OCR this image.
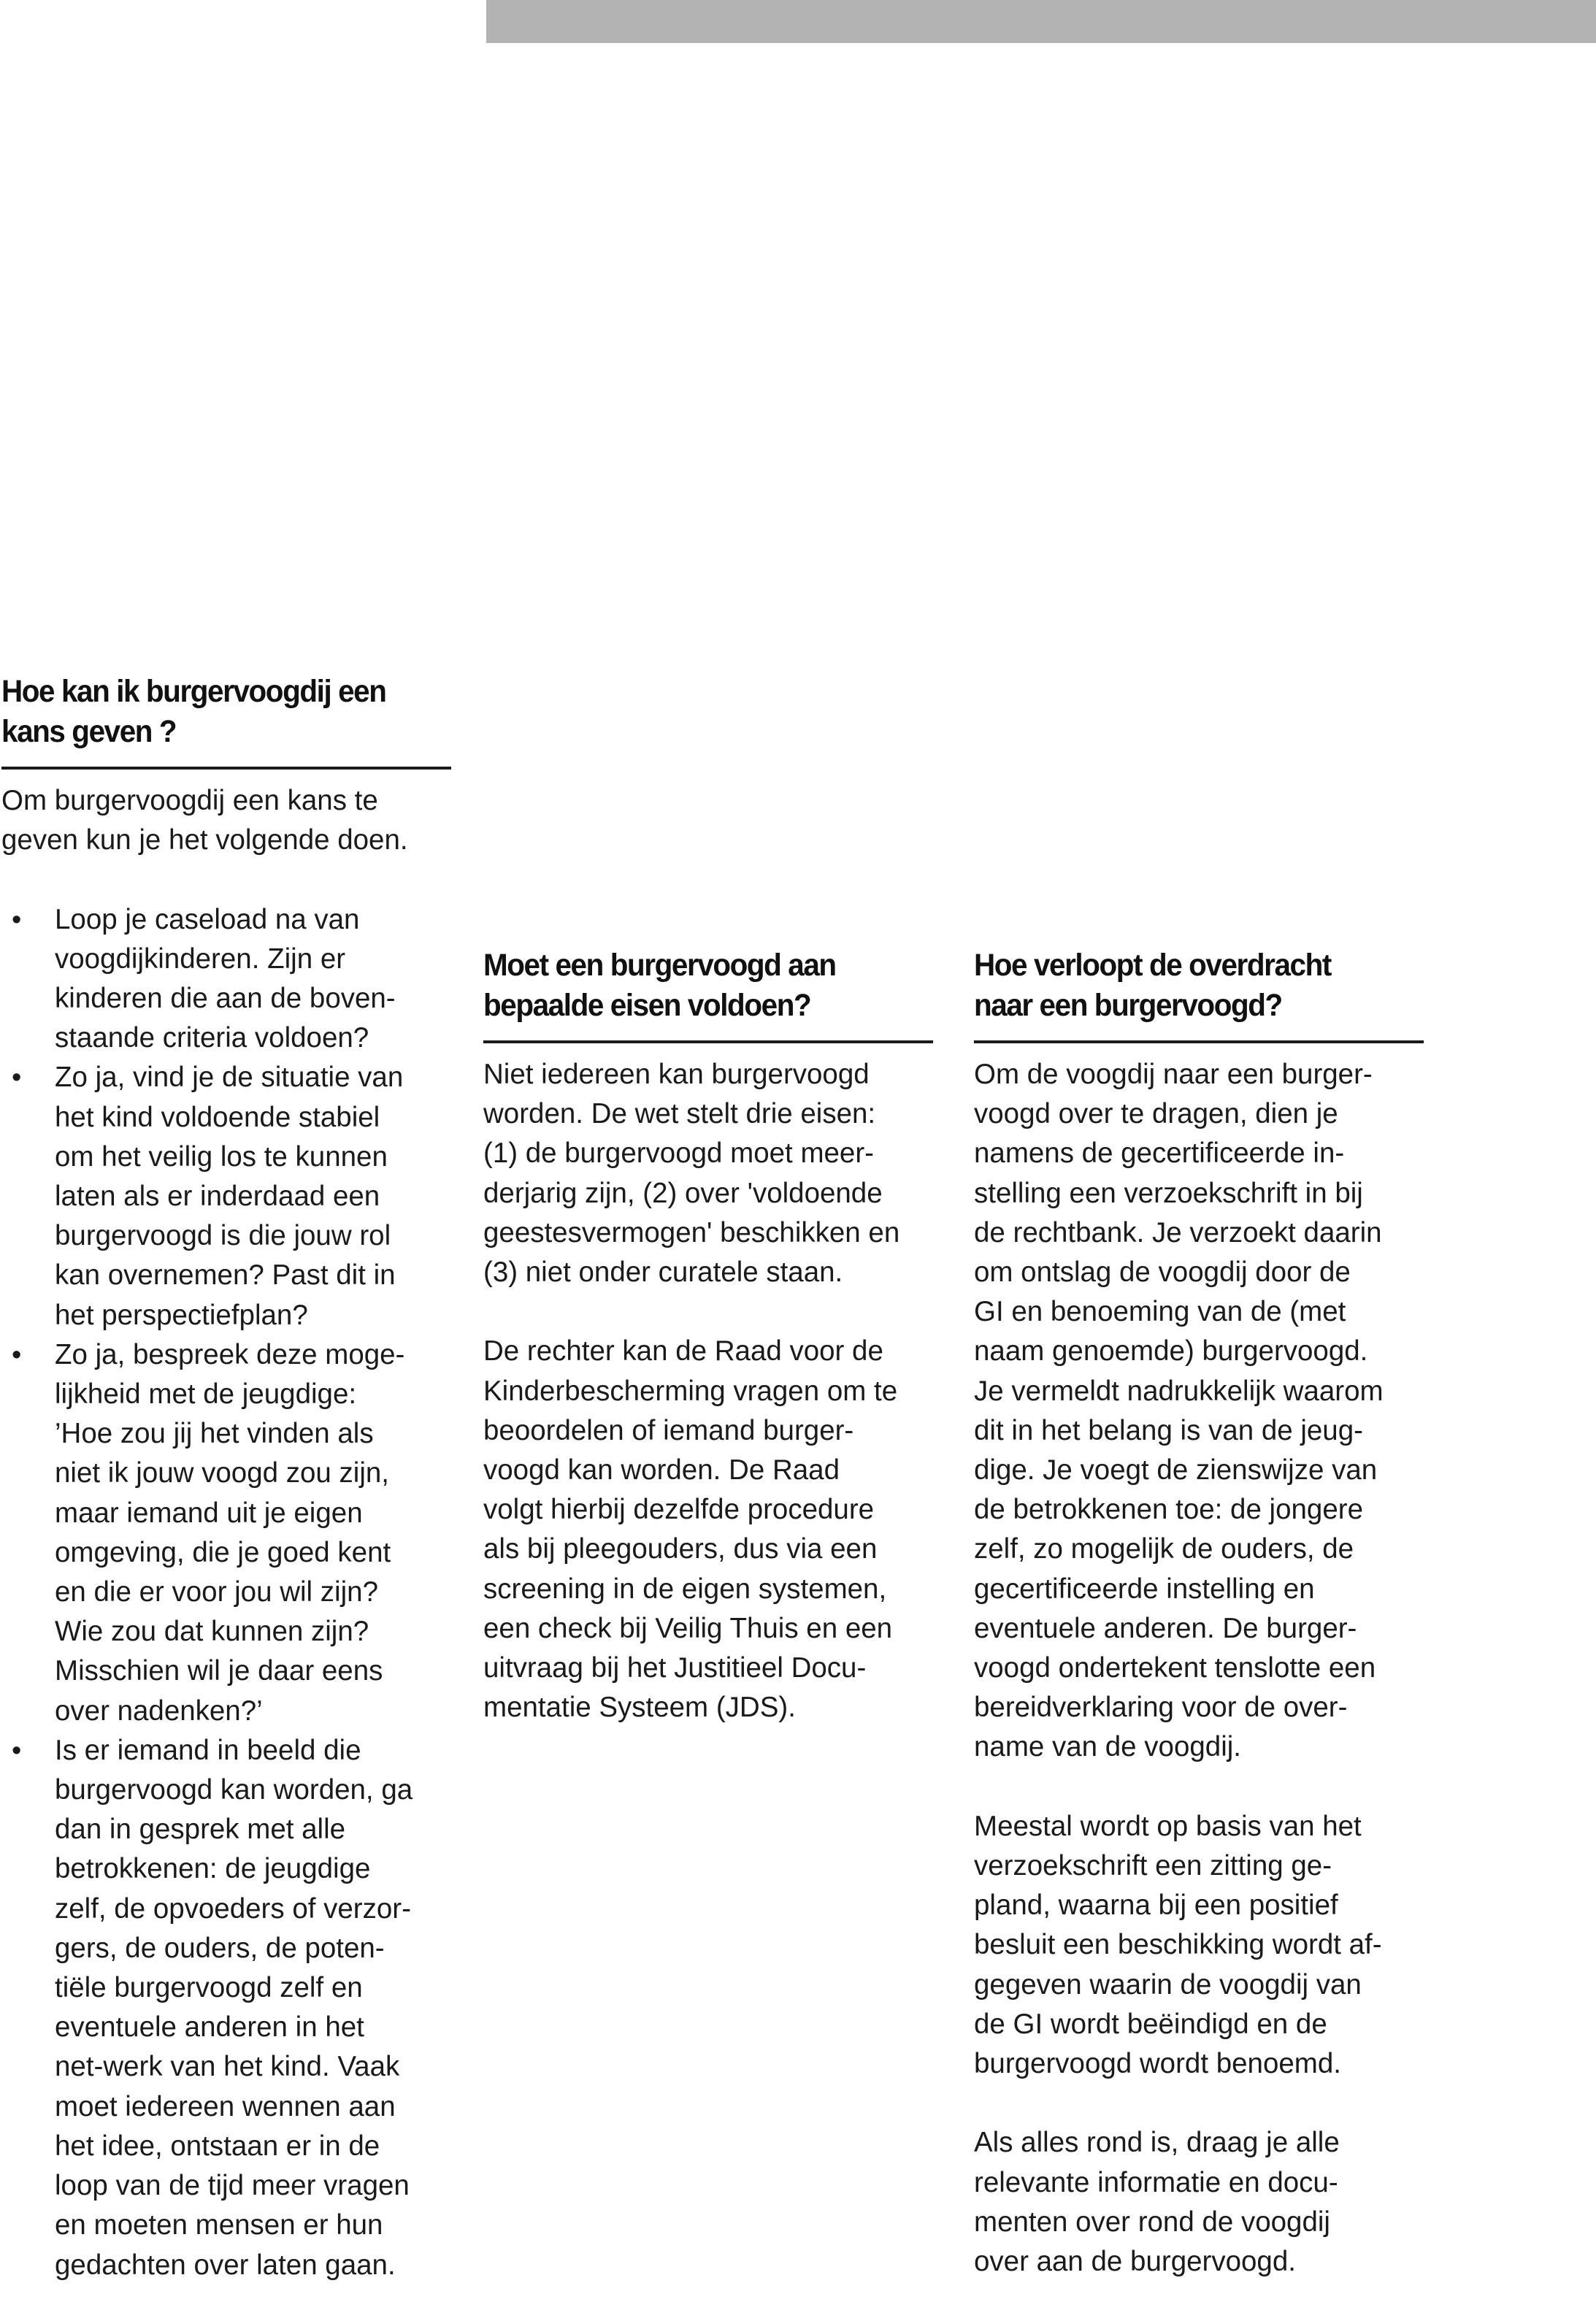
Hoe kan ik burgervoogdij een
kans geven ?
Om burgervoogdij een kans te
geven kun je het volgende doen.
• Loop je caseload na van
voogdijkinderen. Zijn er
kinderen die aan de boven-
staande criteria voldoen?
• Zo ja, vind je de situatie van
het kind voldoende stabiel
om het veilig los te kunnen
laten als er inderdaad een
burgervoogd is die jouw rol
kan overnemen? Past dit in
het perspectiefplan?
• Zo ja, bespreek deze moge-
lijkheid met de jeugdige:
’Hoe zou jij het vinden als
niet ik jouw voogd zou zijn,
maar iemand uit je eigen
omgeving, die je goed kent
en die er voor jou wil zijn?
Wie zou dat kunnen zijn?
Misschien wil je daar eens
over nadenken?’
• Is er iemand in beeld die
burgervoogd kan worden, ga
dan in gesprek met alle
betrokkenen: de jeugdige
zelf, de opvoeders of verzor-
gers, de ouders, de poten-
tiële burgervoogd zelf en
eventuele anderen in het
net-werk van het kind. Vaak
moet iedereen wennen aan
het idee, ontstaan er in de
loop van de tijd meer vragen
en moeten mensen er hun
gedachten over laten gaan.
Moet een burgervoogd aan
bepaalde eisen voldoen?
Niet iedereen kan burgervoogd
worden. De wet stelt drie eisen:
(1) de burgervoogd moet meer-
derjarig zijn, (2) over 'voldoende
geestesvermogen' beschikken en
(3) niet onder curatele staan.
De rechter kan de Raad voor de
Kinderbescherming vragen om te
beoordelen of iemand burger-
voogd kan worden. De Raad
volgt hierbij dezelfde procedure
als bij pleegouders, dus via een
screening in de eigen systemen,
een check bij Veilig Thuis en een
uitvraag bij het Justitieel Docu-
mentatie Systeem (JDS).
Hoe verloopt de overdracht
naar een burgervoogd?
Om de voogdij naar een burger-
voogd over te dragen, dien je
namens de gecertificeerde in-
stelling een verzoekschrift in bij
de rechtbank. Je verzoekt daarin
om ontslag de voogdij door de
GI en benoeming van de (met
naam genoemde) burgervoogd.
Je vermeldt nadrukkelijk waarom
dit in het belang is van de jeug-
dige. Je voegt de zienswijze van
de betrokkenen toe: de jongere
zelf, zo mogelijk de ouders, de
gecertificeerde instelling en
eventuele anderen. De burger-
voogd ondertekent tenslotte een
bereidverklaring voor de over-
name van de voogdij.
Meestal wordt op basis van het
verzoekschrift een zitting ge-
pland, waarna bij een positief
besluit een beschikking wordt af-
gegeven waarin de voogdij van
de GI wordt beëindigd en de
burgervoogd wordt benoemd.
Als alles rond is, draag je alle
relevante informatie en docu-
menten over rond de voogdij
over aan de burgervoogd.
